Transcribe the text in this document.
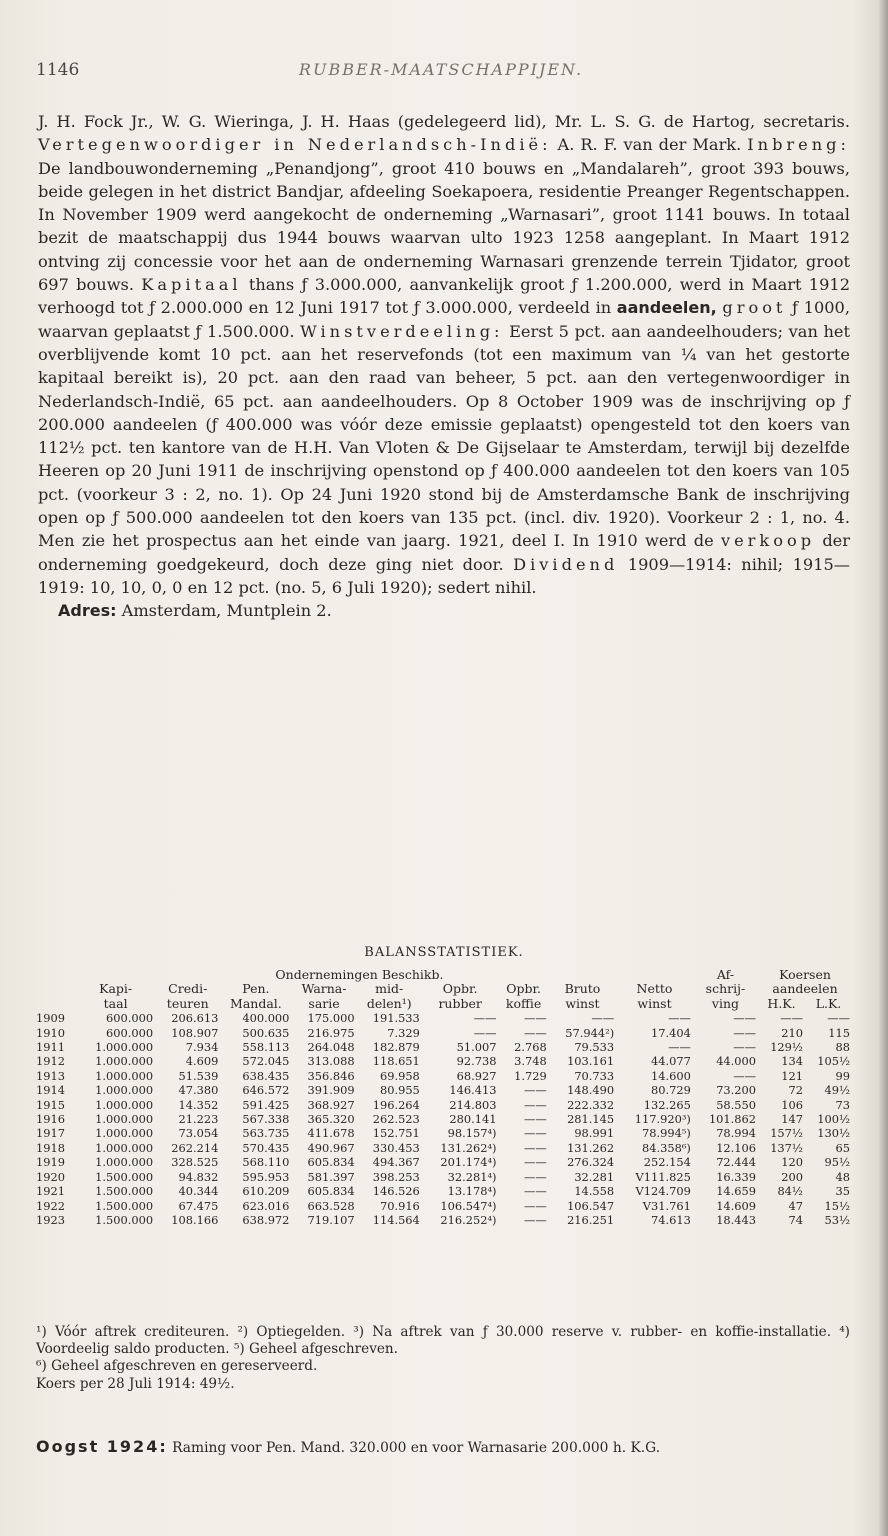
1146	RUBBER-MAATSCHAPPIJEN.

J. H. Fock Jr., W. G. Wieringa, J. H. Haas (gedelegeerd lid), Mr. L. S. G. de Hartog, secretaris. Vertegenwoordiger in Nederlandsch-Indië: A. R. F. van der Mark. Inbreng: De landbouwonderneming „Penandjong”, groot 410 bouws en „Mandalareh”, groot 393 bouws, beide gelegen in het district Bandjar, afdeeling Soekapoera, residentie Preanger Regentschappen. In November 1909 werd aangekocht de onderneming „Warnasari”, groot 1141 bouws. In totaal bezit de maatschappij dus 1944 bouws waarvan ulto 1923 1258 aangeplant. In Maart 1912 ontving zij concessie voor het aan de onderneming Warnasari grenzende terrein Tjidator, groot 697 bouws. Kapitaal thans ƒ 3.000.000, aanvankelijk groot ƒ 1.200.000, werd in Maart 1912 verhoogd tot ƒ 2.000.000 en 12 Juni 1917 tot ƒ 3.000.000, verdeeld in aandeelen, groot ƒ 1000, waarvan geplaatst ƒ 1.500.000. Winstverdeeling: Eerst 5 pct. aan aandeelhouders; van het overblijvende komt 10 pct. aan het reservefonds (tot een maximum van ¼ van het gestorte kapitaal bereikt is), 20 pct. aan den raad van beheer, 5 pct. aan den vertegenwoordiger in Nederlandsch-Indië, 65 pct. aan aandeelhouders. Op 8 October 1909 was de inschrijving op ƒ 200.000 aandeelen (ƒ 400.000 was vóór deze emissie geplaatst) opengesteld tot den koers van 112½ pct. ten kantore van de H.H. Van Vloten & De Gijselaar te Amsterdam, terwijl bij dezelfde Heeren op 20 Juni 1911 de inschrijving openstond op ƒ 400.000 aandeelen tot den koers van 105 pct. (voorkeur 3 : 2, no. 1). Op 24 Juni 1920 stond bij de Amsterdamsche Bank de inschrijving open op ƒ 500.000 aandeelen tot den koers van 135 pct. (incl. div. 1920). Voorkeur 2 : 1, no. 4. Men zie het prospectus aan het einde van jaarg. 1921, deel I. In 1910 werd de verkoop der onderneming goedgekeurd, doch deze ging niet door. Dividend 1909—1914: nihil; 1915—1919: 10, 10, 0, 0 en 12 pct. (no. 5, 6 Juli 1920); sedert nihil.

Adres: Amsterdam, Muntplein 2.

BALANSSTATISTIEK.
			Ondernemingen Beschikb.							Af-	Koersen	
	Kapi-	Credi-	Pen.	Warna-	mid-	Opbr.	Opbr.	Bruto	Netto	schrij-	aandeelen	
	taal	teuren	Mandal.	sarie	delen¹)	rubber	koffie	winst	winst	ving	H.K.	L.K.
1909	600.000	206.613	400.000	175.000	191.533	——	——	——	——	——	——	——
1910	600.000	108.907	500.635	216.975	7.329	——	——	57.944²)	17.404	——	210	115
1911	1.000.000	7.934	558.113	264.048	182.879	51.007	2.768	79.533	——	——	129½	88
1912	1.000.000	4.609	572.045	313.088	118.651	92.738	3.748	103.161	44.077	44.000	134	105½
1913	1.000.000	51.539	638.435	356.846	69.958	68.927	1.729	70.733	14.600	——	121	99
1914	1.000.000	47.380	646.572	391.909	80.955	146.413	——	148.490	80.729	73.200	72	49½
1915	1.000.000	14.352	591.425	368.927	196.264	214.803	——	222.332	132.265	58.550	106	73
1916	1.000.000	21.223	567.338	365.320	262.523	280.141	——	281.145	117.920³)	101.862	147	100½
1917	1.000.000	73.054	563.735	411.678	152.751	98.157⁴)	——	98.991	78.994⁵)	78.994	157½	130½
1918	1.000.000	262.214	570.435	490.967	330.453	131.262⁴)	——	131.262	84.358⁶)	12.106	137½	65
1919	1.000.000	328.525	568.110	605.834	494.367	201.174⁴)	——	276.324	252.154	72.444	120	95½
1920	1.500.000	94.832	595.953	581.397	398.253	32.281⁴)	——	32.281	V111.825	16.339	200	48
1921	1.500.000	40.344	610.209	605.834	146.526	13.178⁴)	——	14.558	V124.709	14.659	84½	35
1922	1.500.000	67.475	623.016	663.528	70.916	106.547⁴)	——	106.547	V31.761	14.609	47	15½
1923	1.500.000	108.166	638.972	719.107	114.564	216.252⁴)	——	216.251	74.613	18.443	74	53½

¹) Vóór aftrek crediteuren. ²) Optiegelden. ³) Na aftrek van ƒ 30.000 reserve v. rubber- en koffie-installatie. ⁴) Voordeelig saldo producten. ⁵) Geheel afgeschreven.

⁶) Geheel afgeschreven en gereserveerd.

Koers per 28 Juli 1914: 49½.

Oogst 1924: Raming voor Pen. Mand. 320.000 en voor Warnasarie 200.000 h. K.G.
